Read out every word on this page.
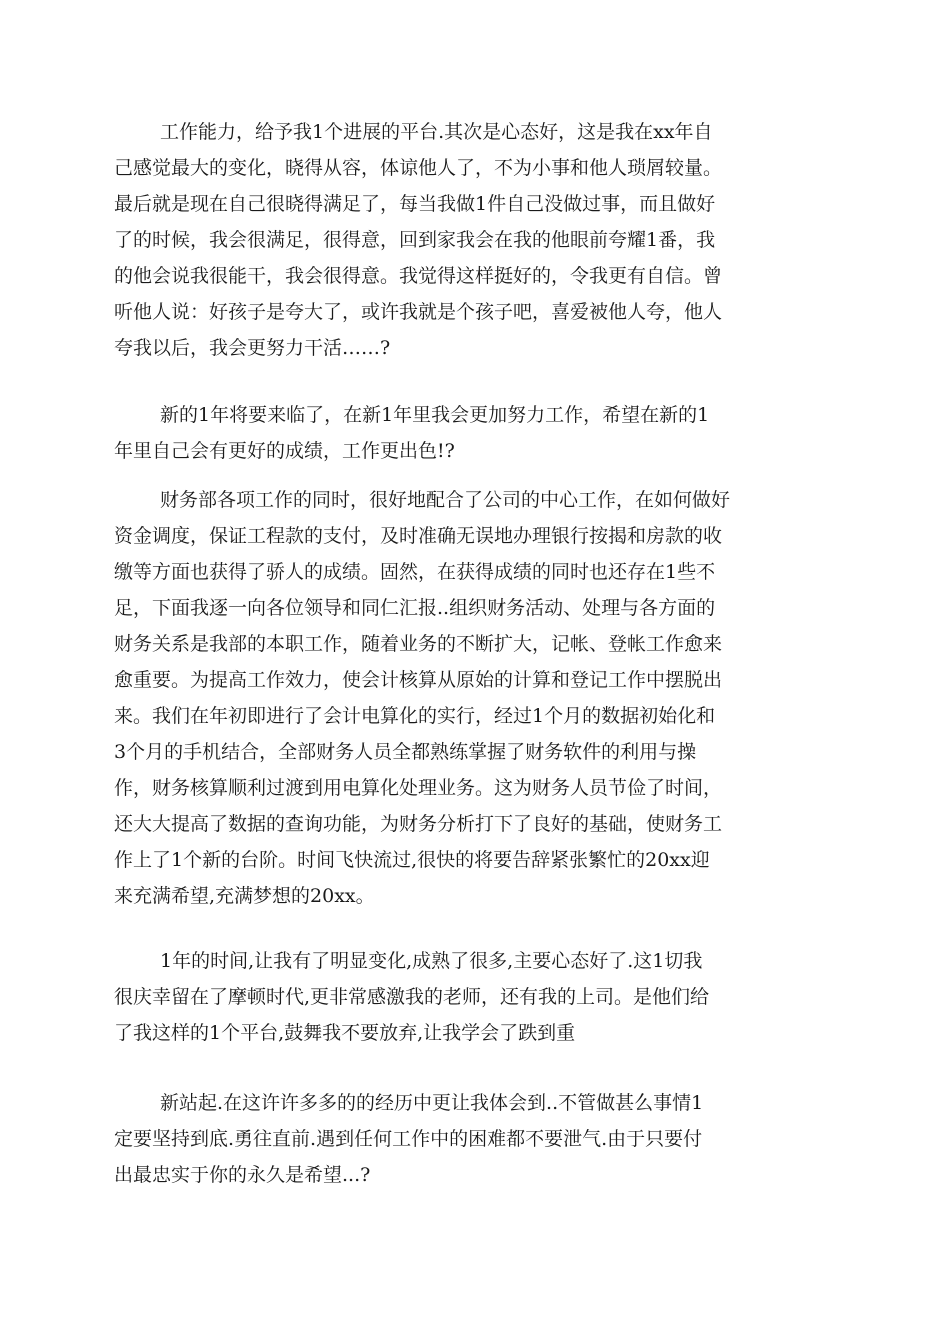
工作能力，给予我1个进展的平台.其次是心态好，这是我在xx年自
己感觉最大的变化，晓得从容，体谅他人了，不为小事和他人琐屑较量。
最后就是现在自己很晓得满足了，每当我做1件自己没做过事，而且做好
了的时候，我会很满足，很得意，回到家我会在我的他眼前夸耀1番，我
的他会说我很能干，我会很得意。我觉得这样挺好的，令我更有自信。曾
听他人说：好孩子是夸大了，或许我就是个孩子吧，喜爱被他人夸，他人
夸我以后，我会更努力干活……?
新的1年将要来临了，在新1年里我会更加努力工作，希望在新的1
年里自己会有更好的成绩，工作更出色!?
财务部各项工作的同时，很好地配合了公司的中心工作，在如何做好
资金调度，保证工程款的支付，及时准确无误地办理银行按揭和房款的收
缴等方面也获得了骄人的成绩。固然，在获得成绩的同时也还存在1些不
足，下面我逐一向各位领导和同仁汇报..组织财务活动、处理与各方面的
财务关系是我部的本职工作，随着业务的不断扩大，记帐、登帐工作愈来
愈重要。为提高工作效力，使会计核算从原始的计算和登记工作中摆脱出
来。我们在年初即进行了会计电算化的实行，经过1个月的数据初始化和
3个月的手机结合，全部财务人员全都熟练掌握了财务软件的利用与操
作，财务核算顺利过渡到用电算化处理业务。这为财务人员节俭了时间，
还大大提高了数据的查询功能，为财务分析打下了良好的基础，使财务工
作上了1个新的台阶。时间飞快流过,很快的将要告辞紧张繁忙的20xx迎
来充满希望,充满梦想的20xx。
1年的时间,让我有了明显变化,成熟了很多,主要心态好了.这1切我
很庆幸留在了摩顿时代,更非常感激我的老师，还有我的上司。是他们给
了我这样的1个平台,鼓舞我不要放弃,让我学会了跌到重
新站起.在这许许多多的的经历中更让我体会到..不管做甚么事情1
定要坚持到底.勇往直前.遇到任何工作中的困难都不要泄气.由于只要付
出最忠实于你的永久是希望...?
